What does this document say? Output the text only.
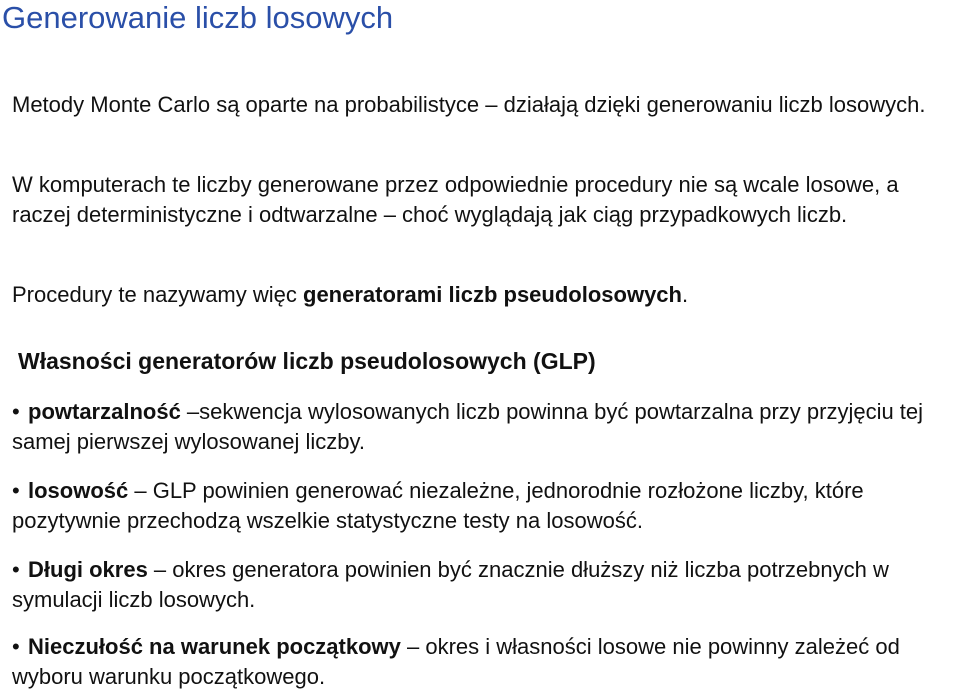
Generowanie liczb losowych

Metody Monte Carlo są oparte na probabilistyce – działają dzięki generowaniu liczb losowych.

W komputerach te liczby generowane przez odpowiednie procedury nie są wcale losowe, a raczej deterministyczne i odtwarzalne – choć wyglądają jak ciąg przypadkowych liczb.

Procedury te nazywamy więc generatorami liczb pseudolosowych.

Własności generatorów liczb pseudolosowych (GLP)

• powtarzalność –sekwencja wylosowanych liczb powinna być powtarzalna przy przyjęciu tej samej pierwszej wylosowanej liczby.

• losowość – GLP powinien generować niezależne, jednorodnie rozłożone liczby, które pozytywnie przechodzą wszelkie statystyczne testy na losowość.

• Długi okres – okres generatora powinien być znacznie dłuższy niż liczba potrzebnych w symulacji liczb losowych.

• Nieczułość na warunek początkowy – okres i własności losowe nie powinny zależeć od wyboru warunku początkowego.
